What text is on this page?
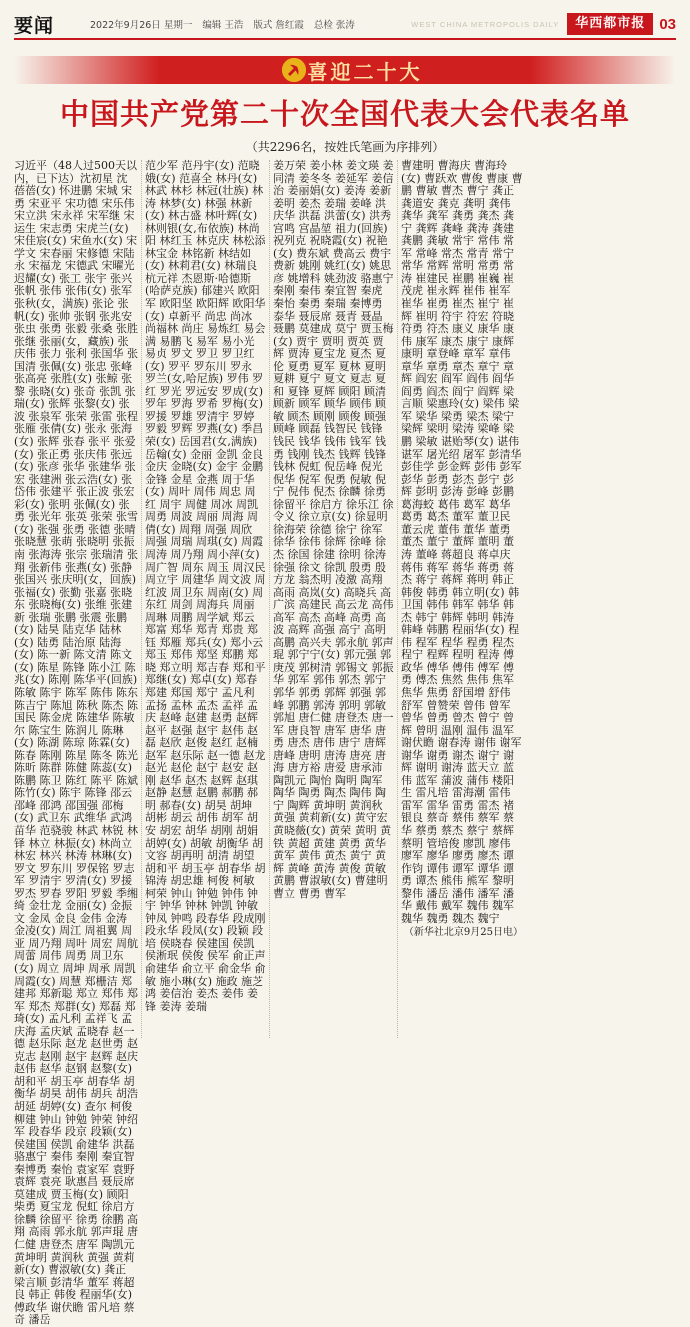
要闻	2022年9月26日 星期一 编辑 王浩 版式 詹红霞 总检 张涛	WEST CHINA METROPOLIS DAILY	华西都市报 03
喜迎二十大
中国共产党第二十次全国代表大会代表名单
（共2296名，按姓氏笔画为序排列）
习近平（48人过500天以内，已下达）沈初星 沈蓓蓓(女) 怀进鹏 宋城 宋勇 宋亚平 宋功德 宋乐伟 宋立洪 宋永祥 宋军继 宋运生 宋志勇 宋虎兰(女) 宋佳宸(女) 宋鱼水(女) 宋学文 宋春丽 宋修德 宋陆永 宋福龙 宋德武 宋曜光 迟耀(女) 张工 张宇 张兴 张帆 张伟 张伟(女) 张军 张秋(女，满族) 张论 张帆(女) 张帅 张钢 张兆安 张虫 张勇 张毅 张桑 张胜 张继 张丽(女，藏族) 张庆伟 张力 张利 张国华 张国清 张佩(女) 张忠 张峰 张高亮 张胜(女) 张鲸 张黎 张晓(女) 张奇 张凯 张瑞(女) 张辉 张黎(女) 张波 张泉军 张荣 张雷 张程 张雁 张倩(女) 张永 张海(女) 张辉 张春 张平 张爱(女) 张正勇 张庆伟 张远(女) 张彦 张华 张建华 张宏 张建洲 张云浩(女) 张岱伟 张建平 张正波 张宏彩(女) 张明 张佩(女) 张勇 张光年 张英 张荣 张雪(女) 张强 张勇 张德 张晴 张晓慧 张萌 张晓明 张振南 张海涛 张宗 张瑞清 张翔 张新伟 张燕(女) 张静 张国兴 张庆明(女，回族) 张福(女) 张勤 张嘉 张晓东 张晓梅(女) 张维 张建新 张瑞 张鹏 张震 张鹏(女) 陆昊 陆克华 陆林(女) 陆勇 陆治原 陆海(女) 陈一新 陈文清 陈文(女) 陈星 陈锋 陈小江 陈兆(女) 陈刚 陈华平(回族) 陈敏 陈宇 陈军 陈伟 陈东 陈吉宁 陈旭 陈秋 陈杰 陈国民 陈金虎 陈建华 陈敏尔 陈宝生 陈润儿 陈琳(女) 陈湖 陈琼 陈霖(女) 陈春 陈刚 陈星 陈冬 陈光 陈昕 陈群 陈健 陈蕊(女) 陈鹏 陈卫 陈红 陈平 陈斌 陈竹(女) 陈宇 陈锋 邵云 邵峰 邵鸿 邵国强 邵梅(女) 武卫东 武维华 武鸿 苗华 范骁骏 林武 林锐 林铎 林立 林振(女) 林尚立 林宏 林兴 林涛 林琳(女) 罗文 罗东川 罗保铭 罗志军 罗清宇 罗清(女) 罗援 罗杰 罗春 罗阳 罗毅 季缃绮 金壮龙 金丽(女) 金振文 金凤 金良 金伟 金涛 金凌(女) 周江 周祖翼 周亚 周乃翔 周叶 周宏 周航 周蕾 周伟 周勇 周卫东(女) 周立 周坤 周承 周凯 周霞(女) 周慧 郑栅洁 郑建邦 郑新聪 郑立 郑伟 郑军 郑杰 郑群(女) 郑磊 郑琦(女) 孟凡利 孟祥飞 孟庆海 孟庆斌 孟晓春 赵一德 赵乐际 赵龙 赵世勇 赵克志 赵刚 赵宇 赵辉 赵庆 赵伟 赵华 赵钢 赵黎(女) 胡和平 胡玉亭 胡春华 胡衡华 胡昊 胡伟 胡兵 胡浩 胡延 胡婷(女) 查尔 柯俊 柳建 钟山 钟勉 钟荣 钟绍军 段春华 段京 段颖(女) 侯建国 侯凯 俞建华 洪磊 骆惠宁 秦伟 秦刚 秦宜智 秦博勇 秦怡 袁家军 袁野 袁辉 袁亮 耿惠昌 聂辰席 莫建成 贾玉梅(女) 顾阳 柴勇 夏宝龙 倪虹 徐启方 徐麟 徐留平 徐勇 徐鹏 高翔 高雨 郭永航 郭声琨 唐仁健 唐登杰 唐军 陶凯元 黄坤明 黄润秋 黄强 黄莉新(女) 曹淑敏(女) 龚正 梁言顺 彭清华 董军 蒋超良 韩正 韩俊 程丽华(女) 傅政华 谢伏瞻 雷凡培 蔡奇 潘岳
范少军 范丹宇(女) 范晓娥(女) 范喜全 林丹(女) 林武 林杉 林冠(壮族) 林涛 林梦(女) 林强 林新(女) 林古盛 林叶辉(女) 林则银(女,布依族) 林尚阳 林红玉 林克庆 林松添 林宝金 林铭新 林结如(女) 林莉君(女) 林瑞良 杭元祥 杰恩斯·哈德斯(哈萨克族) 郁建兴 欧阳军 欧阳坚 欧阳辉 欧阳华(女) 卓新平 尚忠 尚冰 尚福林 尚庄 易炼红 易会满 易鹏飞 易军 易小光 易贞 罗文 罗卫 罗卫红(女) 罗平 罗东川 罗永 罗兰(女,哈尼族) 罗伟 罗红 罗光 罗远安 罗成(女) 罗年 罗海 罗希 罗梅(女) 罗援 罗雄 罗清宇 罗婷 罗毅 罗辉 罗燕(女) 季昌荣(女) 岳国君(女,满族) 岳翰(女) 金丽 金凯 金良 金庆 金晓(女) 金宇 金鹏 金锋 金星 金燕 周于华(女) 周叶 周伟 周忠 周红 周宇 周健 周冰 周凯 周勇 周波 周丽 周海 周倩(女) 周翔 周强 周欣 周强 周瑞 周琪(女) 周霞 周涛 周乃翔 周小萍(女) 周广智 周东 周玉 周汉民 周立宇 周建华 周文波 周红波 周卫东 周南(女) 周东红 周剑 周海兵 周丽 周琳 周鹏 周学斌 郑云 郑富 郑华 郑青 郑贵 郑钰 郑雁 郑兵(女) 郑小云 郑玉 郑伟 郑坚 郑鹏 郑晓 郑立明 郑吉春 郑和平 郑继(女) 郑卓(女) 郑春 郑建 郑国 郑宁 孟凡利 孟扬 孟林 孟杰 孟祥 孟庆 赵峰 赵建 赵勇 赵辉 赵平 赵强 赵宇 赵伟 赵磊 赵欣 赵俊 赵红 赵楠 赵军 赵乐际 赵一德 赵龙 赵光 赵伦 赵宁 赵安 赵刚 赵华 赵杰 赵辉 赵琪 赵静 赵慧 赵鹏 郝鹏 郝明 郝春(女) 胡昊 胡坤 胡彬 胡云 胡伟 胡军 胡安 胡宏 胡华 胡刚 胡娟 胡婷(女) 胡敏 胡衡华 胡文容 胡再明 胡清 胡望 胡和平 胡玉亭 胡春华 胡锦涛 胡忠雄 柯俊 柯敏 柯荣 钟山 钟勉 钟伟 钟宇 钟华 钟林 钟凯 钟敏 钟凤 钟鸣 段春华 段成刚 段永华 段凤(女) 段颖 段培 侯晓春 侯建国 侯凯 侯淅珉 侯俊 侯军 俞正声 俞建华 俞立平 俞金华 俞敏 施小琳(女) 施政 施芝鸿 姜信治 姜杰 姜伟 姜锋 姜涛 姜瑞
姜万荣 姜小林 姜文瑛 姜同清 姜冬冬 姜延军 姜信治 姜丽娟(女) 姜涛 姜新 姜明 姜杰 姜瑞 姜峰 洪庆华 洪磊 洪蕾(女) 洪秀 宫鸣 宫晶堃 祖力(回族) 祝列克 祝晓霞(女) 祝艳(女) 费东斌 费高云 费宇 费新 姚刚 姚红(女) 姚思彦 姚增科 姚劲波 骆惠宁 秦刚 秦伟 秦宜智 秦虎 秦怡 秦勇 秦瑞 秦博勇 泰华 聂辰席 聂青 聂晶 聂鹏 莫建成 莫宁 贾玉梅(女) 贾宇 贾明 贾英 贾辉 贾涛 夏宝龙 夏杰 夏伦 夏勇 夏军 夏林 夏明 夏耕 夏宁 夏文 夏志 夏和 夏锋 夏辉 顾阳 顾清 顾新 顾军 顾华 顾伟 顾敏 顾杰 顾刚 顾俊 顾强 顾峰 顾磊 钱智民 钱锋 钱民 钱华 钱伟 钱军 钱勇 钱刚 钱杰 钱辉 钱锋 钱林 倪虹 倪岳峰 倪光 倪华 倪军 倪勇 倪敏 倪宁 倪伟 倪杰 徐麟 徐勇 徐留平 徐启方 徐乐江 徐令义 徐立京(女) 徐显明 徐海荣 徐德 徐宁 徐军 徐华 徐伟 徐辉 徐峰 徐杰 徐国 徐建 徐明 徐涛 徐强 徐文 徐凯 殷勇 殷方龙 翁杰明 凌激 高翔 高雨 高岚(女) 高晓兵 高广滨 高建民 高云龙 高伟 高军 高杰 高峰 高勇 高波 高辉 高强 高宁 高明 高鹏 高兴夫 郭永航 郭声琨 郭宁宁(女) 郭元强 郭庚茂 郭树清 郭锡文 郭振华 郭军 郭伟 郭杰 郭宁 郭华 郭勇 郭辉 郭强 郭峰 郭鹏 郭涛 郭明 郭敏 郭旭 唐仁健 唐登杰 唐一军 唐良智 唐军 唐华 唐勇 唐杰 唐伟 唐宁 唐辉 唐峰 唐明 唐涛 唐亮 唐海 唐方裕 唐爱 唐承沛 陶凯元 陶怡 陶明 陶军 陶华 陶勇 陶杰 陶伟 陶宁 陶辉 黄坤明 黄润秋 黄强 黄莉新(女) 黄守宏 黄晓薇(女) 黄荣 黄明 黄铁 黄超 黄建 黄勇 黄华 黄军 黄伟 黄杰 黄宁 黄辉 黄峰 黄涛 黄俊 黄敏 黄鹏 曹淑敏(女) 曹建明 曹立 曹勇 曹军
曹建明 曹海庆 曹海玲(女) 曹跃欢 曹俊 曹康 曹鹏 曹敏 曹杰 曹宁 龚正 龚道安 龚克 龚明 龚伟 龚华 龚军 龚勇 龚杰 龚宁 龚辉 龚峰 龚涛 龚建 龚鹏 龚敏 常宇 常伟 常军 常峰 常杰 常青 常宁 常华 常辉 常明 常勇 常涛 崔建民 崔鹏 崔巍 崔茂虎 崔永辉 崔伟 崔军 崔华 崔勇 崔杰 崔宁 崔辉 崔明 符宇 符宏 符晓 符勇 符杰 康义 康华 康伟 康军 康杰 康宁 康辉 康明 章登峰 章军 章伟 章华 章勇 章杰 章宁 章辉 阎宏 阎军 阎伟 阎华 阎勇 阎杰 阎宁 阎辉 梁言顺 梁惠玲(女) 梁伟 梁军 梁华 梁勇 梁杰 梁宁 梁辉 梁明 梁涛 梁峰 梁鹏 梁敏 谌贻琴(女) 谌伟 谌军 屠光绍 屠军 彭清华 彭佳学 彭金辉 彭伟 彭军 彭华 彭勇 彭杰 彭宁 彭辉 彭明 彭涛 彭峰 彭鹏 葛海蛟 葛伟 葛军 葛华 葛勇 葛杰 董军 董卫民 董云虎 董伟 董华 董勇 董杰 董宁 董辉 董明 董涛 董峰 蒋超良 蒋卓庆 蒋伟 蒋军 蒋华 蒋勇 蒋杰 蒋宁 蒋辉 蒋明 韩正 韩俊 韩勇 韩立明(女) 韩卫国 韩伟 韩军 韩华 韩杰 韩宁 韩辉 韩明 韩涛 韩峰 韩鹏 程丽华(女) 程伟 程军 程华 程勇 程杰 程宁 程辉 程明 程涛 傅政华 傅华 傅伟 傅军 傅勇 傅杰 焦然 焦伟 焦军 焦华 焦勇 舒国增 舒伟 舒军 曾赞荣 曾伟 曾军 曾华 曾勇 曾杰 曾宁 曾辉 曾明 温刚 温伟 温军 谢伏瞻 谢春涛 谢伟 谢军 谢华 谢勇 谢杰 谢宁 谢辉 谢明 谢涛 蓝天立 蓝伟 蓝军 蒲波 蒲伟 楼阳生 雷凡培 雷海潮 雷伟 雷军 雷华 雷勇 雷杰 褚银良 蔡奇 蔡伟 蔡军 蔡华 蔡勇 蔡杰 蔡宁 蔡辉 蔡明 管培俊 廖凯 廖伟 廖军 廖华 廖勇 廖杰 谭作钧 谭伟 谭军 谭华 谭勇 谭杰 熊伟 熊军 黎明 黎伟 潘岳 潘伟 潘军 潘华 戴伟 戴军 魏伟 魏军 魏华 魏勇 魏杰 魏宁
（新华社北京9月25日电）
